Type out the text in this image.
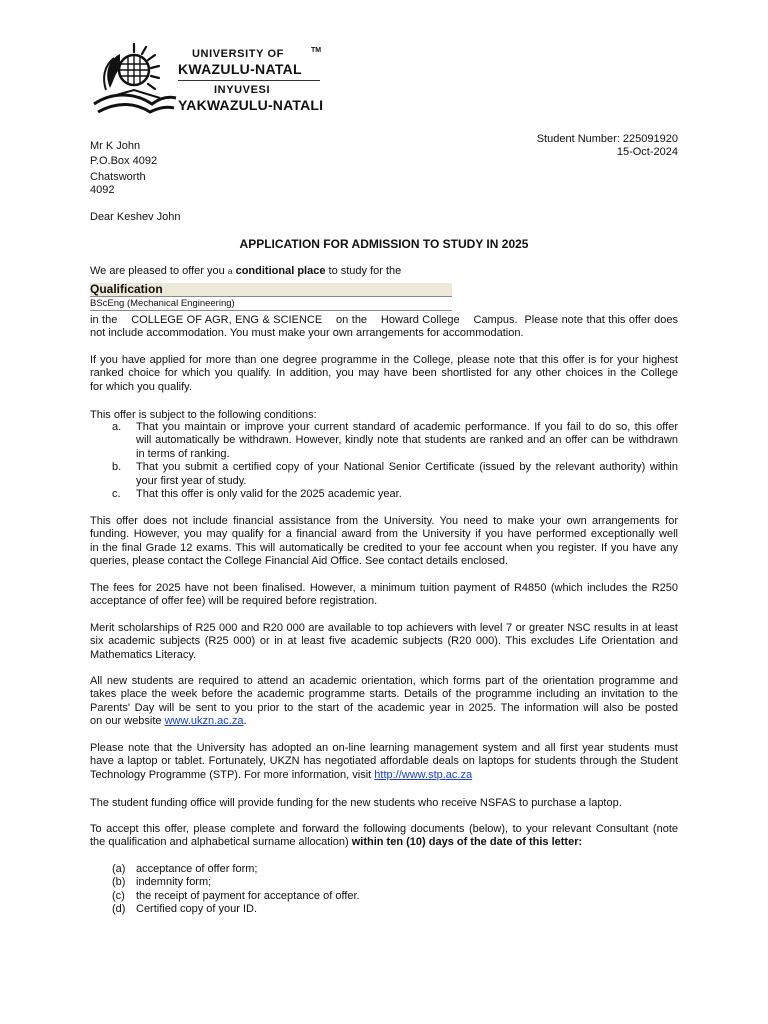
UNIVERSITY OF
KWAZULU-NATAL
INYUVESI
YAKWAZULU-NATALI
TM
Student Number: 225091920
15-Oct-2024
Mr K John
P.O.Box 4092
Chatsworth
4092
Dear Keshev John
APPLICATION FOR ADMISSION TO STUDY IN 2025
We are pleased to offer you a conditional place to study for the
Qualification
BScEng (Mechanical Engineering)
in the    COLLEGE OF AGR, ENG & SCIENCE    on the    Howard College    Campus.  Please note that this offer does
not include accommodation. You must make your own arrangements for accommodation.
If you have applied for more than one degree programme in the College, please note that this offer is for your highest
ranked choice for which you qualify. In addition, you may have been shortlisted for any other choices in the College
for which you qualify.
This offer is subject to the following conditions:
a. That you maintain or improve your current standard of academic performance. If you fail to do so, this offer
will automatically be withdrawn. However, kindly note that students are ranked and an offer can be withdrawn
in terms of ranking.
b. That you submit a certified copy of your National Senior Certificate (issued by the relevant authority) within
your first year of study.
c. That this offer is only valid for the 2025 academic year.
This offer does not include financial assistance from the University. You need to make your own arrangements for
funding. However, you may qualify for a financial award from the University if you have performed exceptionally well
in the final Grade 12 exams. This will automatically be credited to your fee account when you register. If you have any
queries, please contact the College Financial Aid Office. See contact details enclosed.
The fees for 2025 have not been finalised. However, a minimum tuition payment of R4850 (which includes the R250
acceptance of offer fee) will be required before registration.
Merit scholarships of R25 000 and R20 000 are available to top achievers with level 7 or greater NSC results in at least
six academic subjects (R25 000) or in at least five academic subjects (R20 000). This excludes Life Orientation and
Mathematics Literacy.
All new students are required to attend an academic orientation, which forms part of the orientation programme and
takes place the week before the academic programme starts. Details of the programme including an invitation to the
Parents' Day will be sent to you prior to the start of the academic year in 2025. The information will also be posted
on our website www.ukzn.ac.za.
Please note that the University has adopted an on-line learning management system and all first year students must
have a laptop or tablet. Fortunately, UKZN has negotiated affordable deals on laptops for students through the Student
Technology Programme (STP). For more information, visit http://www.stp.ac.za
The student funding office will provide funding for the new students who receive NSFAS to purchase a laptop.
To accept this offer, please complete and forward the following documents (below), to your relevant Consultant (note
the qualification and alphabetical surname allocation) within ten (10) days of the date of this letter:
(a) acceptance of offer form;
(b) indemnity form;
(c) the receipt of payment for acceptance of offer.
(d) Certified copy of your ID.
